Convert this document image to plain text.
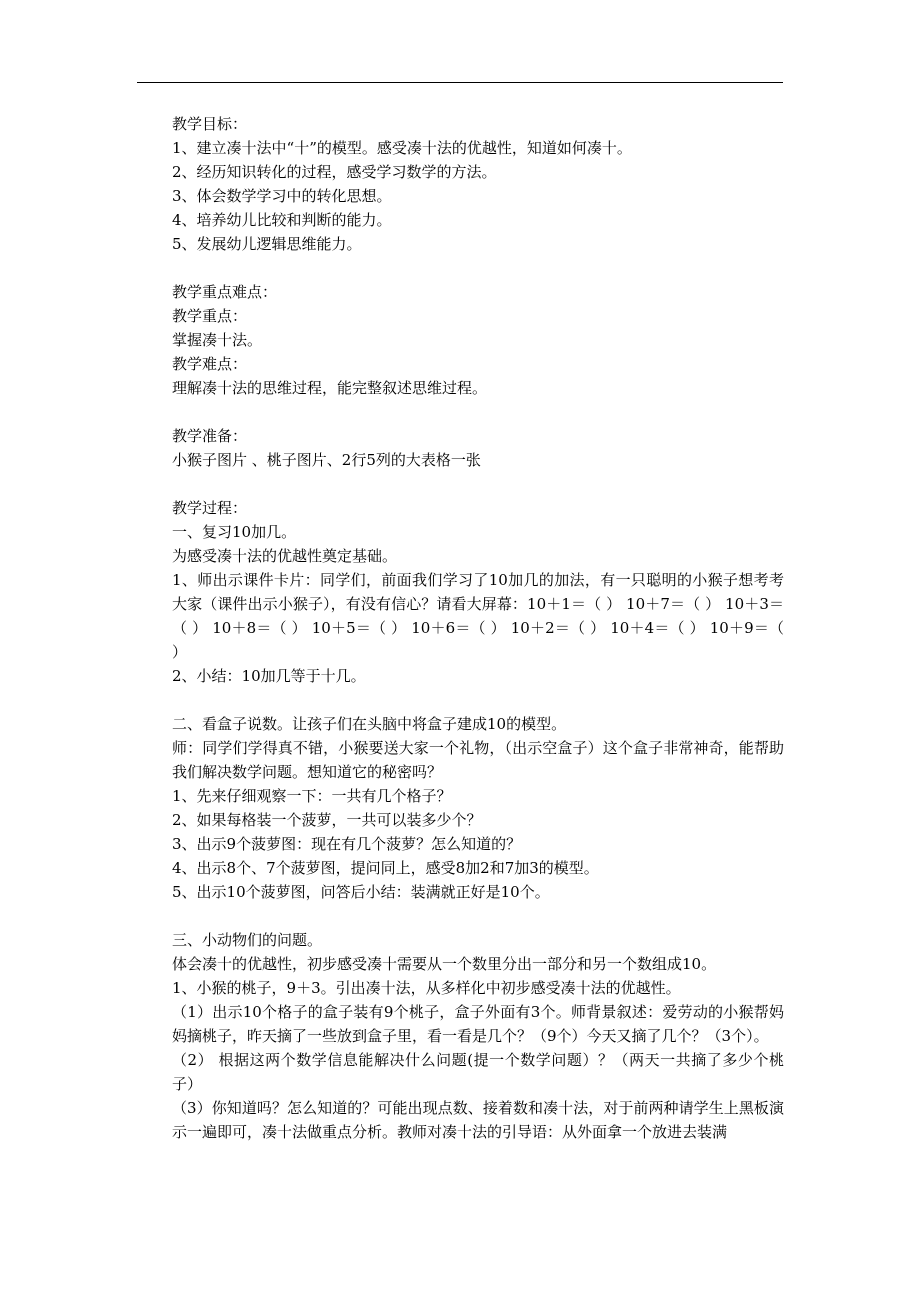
教学目标：
1、建立凑十法中“十”的模型。感受凑十法的优越性，知道如何凑十。
2、经历知识转化的过程，感受学习数学的方法。
3、体会数学学习中的转化思想。
4、培养幼儿比较和判断的能力。
5、发展幼儿逻辑思维能力。
教学重点难点：
教学重点：
掌握凑十法。
教学难点：
理解凑十法的思维过程，能完整叙述思维过程。
教学准备：
小猴子图片 、桃子图片、2行5列的大表格一张
教学过程：
一、复习10加几。
为感受凑十法的优越性奠定基础。

1、师出示课件卡片：同学们，前面我们学习了10加几的加法，有一只聪明的小猴子想考考大家（课件出示小猴子），有没有信心？请看大屏幕：10＋1＝（ ） 10＋7＝（ ） 10＋3＝（ ） 10＋8＝（ ） 10＋5＝（ ） 10＋6＝（ ） 10＋2＝（ ） 10＋4＝（ ） 10＋9＝（ ）

2、小结：10加几等于十几。
二、看盒子说数。让孩子们在头脑中将盒子建成10的模型。

师：同学们学得真不错，小猴要送大家一个礼物，（出示空盒子）这个盒子非常神奇，能帮助我们解决数学问题。想知道它的秘密吗？

1、先来仔细观察一下：一共有几个格子？
2、如果每格装一个菠萝，一共可以装多少个？
3、出示9个菠萝图：现在有几个菠萝？怎么知道的？
4、出示8个、7个菠萝图，提问同上，感受8加2和7加3的模型。
5、出示10个菠萝图，问答后小结：装满就正好是10个。
三、小动物们的问题。
体会凑十的优越性，初步感受凑十需要从一个数里分出一部分和另一个数组成10。
1、小猴的桃子，9＋3。引出凑十法，从多样化中初步感受凑十法的优越性。

（1）出示10个格子的盒子装有9个桃子，盒子外面有3个。师背景叙述：爱劳动的小猴帮妈妈摘桃子，昨天摘了一些放到盒子里，看一看是几个？（9个）今天又摘了几个？（3个）。

（2） 根据这两个数学信息能解决什么问题(提一个数学问题）？（两天一共摘了多少个桃子）

（3）你知道吗？怎么知道的？可能出现点数、接着数和凑十法，对于前两种请学生上黑板演示一遍即可，凑十法做重点分析。教师对凑十法的引导语：从外面拿一个放进去装满
